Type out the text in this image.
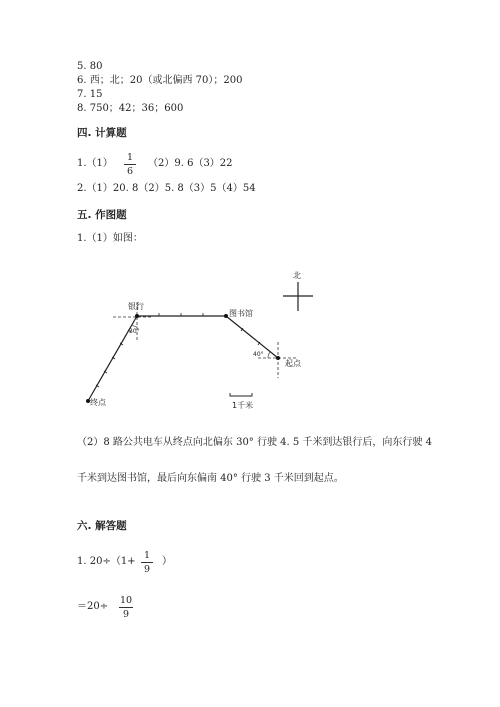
5. 80
6. 西；北；20（或北偏西 70）；200
7. 15
8. 750；42；36；600
四. 计算题
1.（1）
1
6
（2）9. 6（3）22
2.（1）20. 8（2）5. 8（3）5（4）54
五. 作图题
1.（1）如图：
北
银行
图书馆
起点
终点
30°
40°
1千米
（2）8 路公共电车从终点向北偏东 30° 行驶 4. 5 千米到达银行后，向东行驶 4
千米到达图书馆，最后向东偏南 40° 行驶 3 千米回到起点。
六. 解答题
1. 20÷（1+
1
9
）
＝20÷
10
9
